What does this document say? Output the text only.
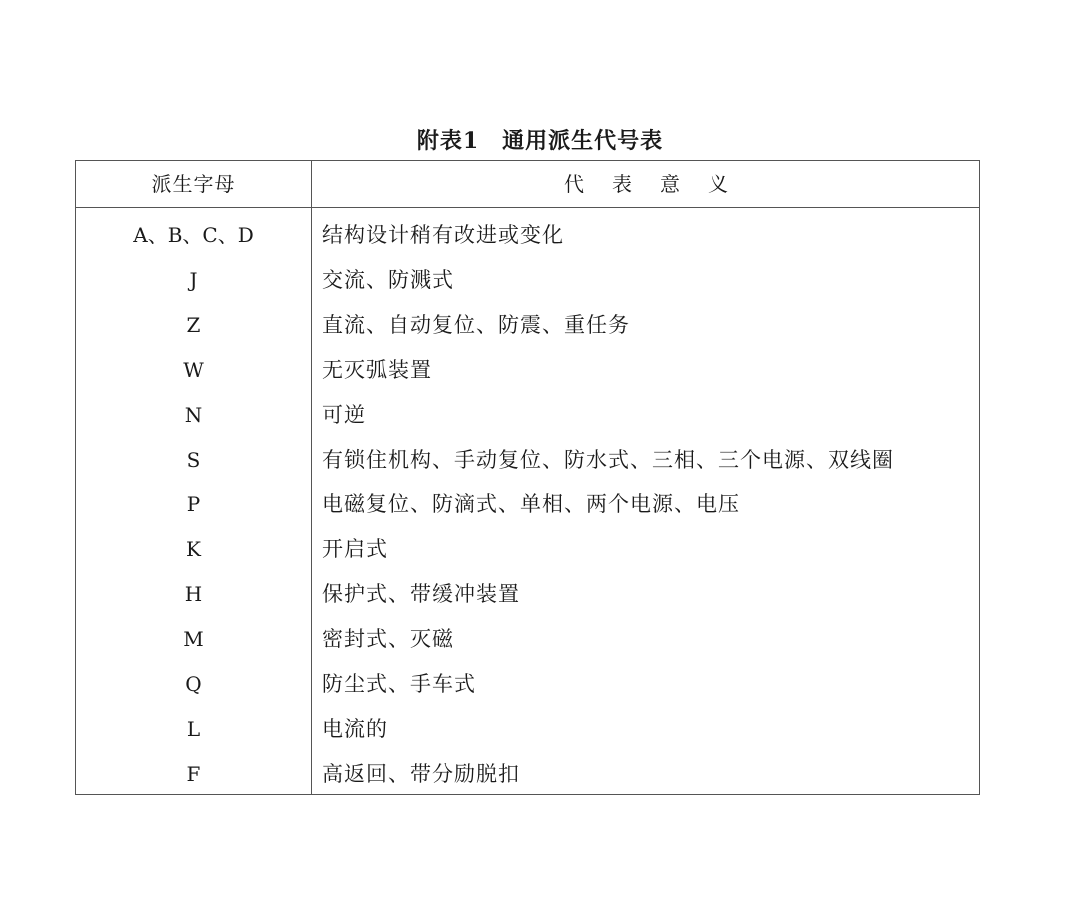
附表1　通用派生代号表
派生字母	代表意义
A、B、C、D	结构设计稍有改进或变化
J	交流、防溅式
Z	直流、自动复位、防震、重任务
W	无灭弧装置
N	可逆
S	有锁住机构、手动复位、防水式、三相、三个电源、双线圈
P	电磁复位、防滴式、单相、两个电源、电压
K	开启式
H	保护式、带缓冲装置
M	密封式、灭磁
Q	防尘式、手车式
L	电流的
F	高返回、带分励脱扣
